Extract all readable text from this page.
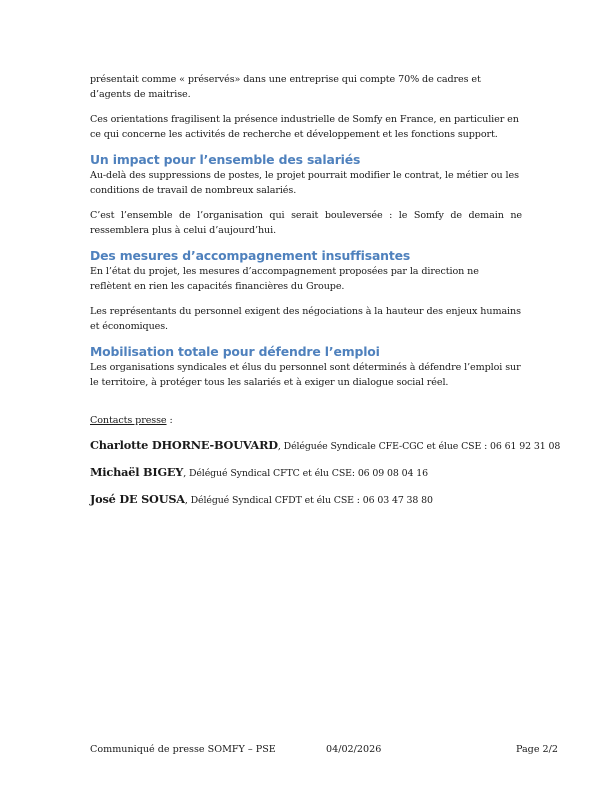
présentait comme « préservés» dans une entreprise qui compte 70% de cadres et d’agents de maitrise.

Ces orientations fragilisent la présence industrielle de Somfy en France, en particulier en ce qui concerne les activités de recherche et développement et les fonctions support.

Un impact pour l’ensemble des salariés

Au-delà des suppressions de postes, le projet pourrait modifier le contrat, le métier ou les conditions de travail de nombreux salariés.

C’est l’ensemble de l’organisation qui serait bouleversée : le Somfy de demain ne ressemblera plus à celui d’aujourd’hui.

Des mesures d’accompagnement insuffisantes

En l’état du projet, les mesures d’accompagnement proposées par la direction ne reflètent en rien les capacités financières du Groupe.

Les représentants du personnel exigent des négociations à la hauteur des enjeux humains et économiques.

Mobilisation totale pour défendre l’emploi

Les organisations syndicales et élus du personnel sont déterminés à défendre l’emploi sur le territoire, à protéger tous les salariés et à exiger un dialogue social réel.

Contacts presse :

Charlotte DHORNE-BOUVARD, Déléguée Syndicale CFE-CGC et élue CSE : 06 61 92 31 08

Michaël BIGEY, Délégué Syndical CFTC et élu CSE: 06 09 08 04 16

José DE SOUSA, Délégué Syndical CFDT et élu CSE : 06 03 47 38 80

Communiqué de presse SOMFY – PSE	04/02/2026	Page 2/2
